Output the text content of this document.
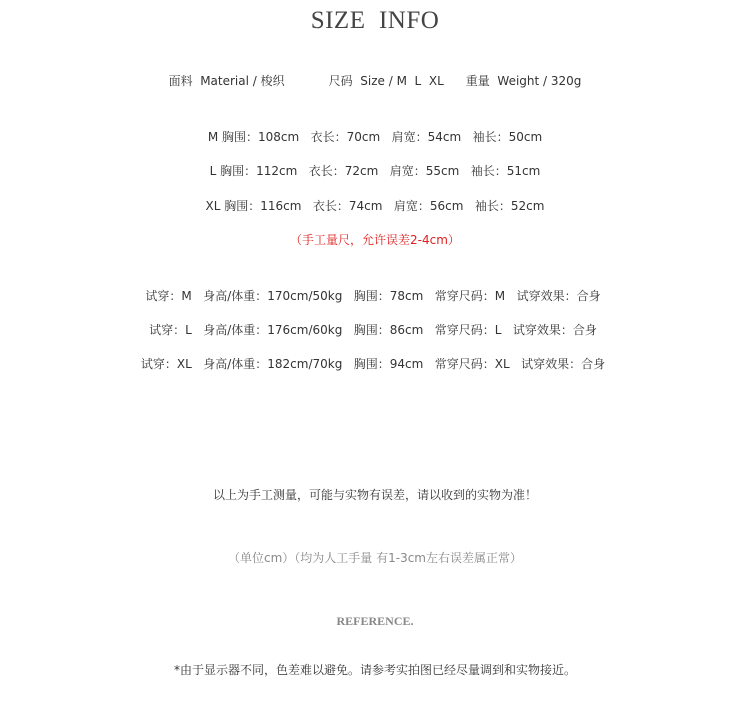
SIZE  INFO
面料  Material / 梭织	尺码  Size / M  L  XL 重量  Weight / 320g
M 胸围：108cm   衣长：70cm   肩宽：54cm   袖长：50cm
L 胸围：112cm   衣长：72cm   肩宽：55cm   袖长：51cm
XL 胸围：116cm   衣长：74cm   肩宽：56cm   袖长：52cm
（手工量尺，允许误差2-4cm）
试穿：M   身高/体重：170cm/50kg   胸围：78cm   常穿尺码：M   试穿效果：合身
试穿：L   身高/体重：176cm/60kg   胸围：86cm   常穿尺码：L   试穿效果：合身
试穿：XL   身高/体重：182cm/70kg   胸围：94cm   常穿尺码：XL   试穿效果：合身
以上为手工测量，可能与实物有误差，请以收到的实物为准！
（单位cm）（均为人工手量 有1-3cm左右误差属正常）
REFERENCE.
*由于显示器不同，色差难以避免。请参考实拍图已经尽量调到和实物接近。
